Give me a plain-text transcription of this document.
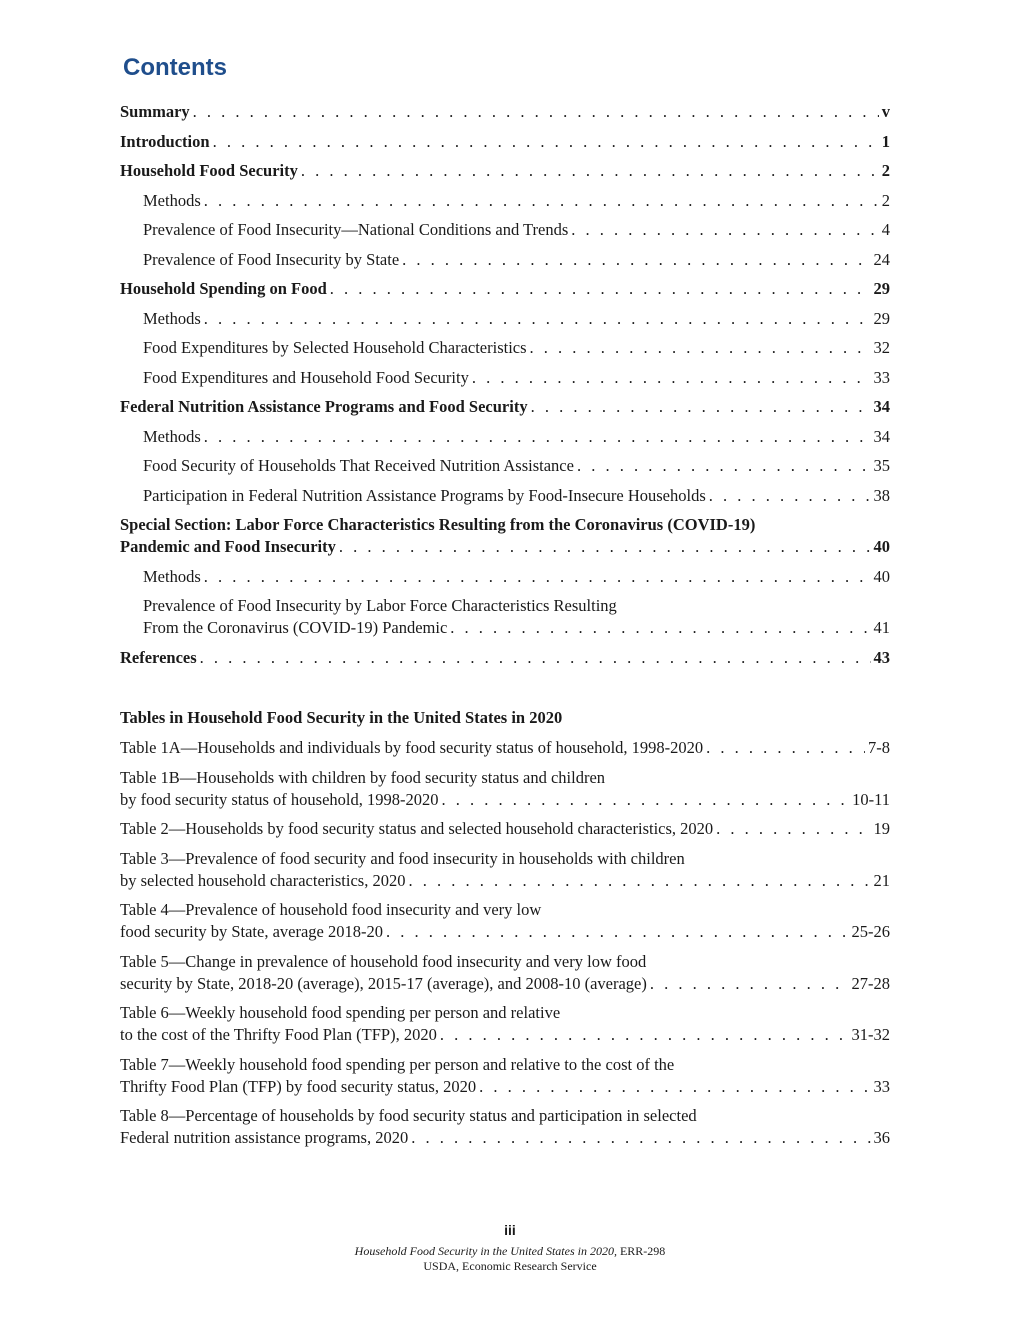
Contents
Summary . . .	v
Introduction . . .	1
Household Food Security . . .	2
Methods . . .	2
Prevalence of Food Insecurity—National Conditions and Trends . . .	4
Prevalence of Food Insecurity by State . . .	24
Household Spending on Food . . .	29
Methods . . .	29
Food Expenditures by Selected Household Characteristics . . .	32
Food Expenditures and Household Food Security . . .	33
Federal Nutrition Assistance Programs and Food Security . . .	34
Methods . . .	34
Food Security of Households That Received Nutrition Assistance . . .	35
Participation in Federal Nutrition Assistance Programs by Food-Insecure Households . . .	38
Special Section: Labor Force Characteristics Resulting from the Coronavirus (COVID-19)
Pandemic and Food Insecurity . . .	40
Methods . . .	40
Prevalence of Food Insecurity by Labor Force Characteristics Resulting
From the Coronavirus (COVID-19) Pandemic . . .	41
References . . .	43
Tables in Household Food Security in the United States in 2020
Table 1A—Households and individuals by food security status of household, 1998-2020 . . .	7-8
Table 1B—Households with children by food security status and children
by food security status of household, 1998-2020 . . .	10-11
Table 2—Households by food security status and selected household characteristics, 2020 . . .	19
Table 3—Prevalence of food security and food insecurity in households with children
by selected household characteristics, 2020 . . .	21
Table 4—Prevalence of household food insecurity and very low
food security by State, average 2018-20 . . .	25-26
Table 5—Change in prevalence of household food insecurity and very low food
security by State, 2018-20 (average), 2015-17 (average), and 2008-10 (average) . . .	27-28
Table 6—Weekly household food spending per person and relative
to the cost of the Thrifty Food Plan (TFP), 2020 . . .	31-32
Table 7—Weekly household food spending per person and relative to the cost of the
Thrifty Food Plan (TFP) by food security status, 2020 . . .	33
Table 8—Percentage of households by food security status and participation in selected
Federal nutrition assistance programs, 2020 . . .	36
iii
Household Food Security in the United States in 2020, ERR-298
USDA, Economic Research Service
